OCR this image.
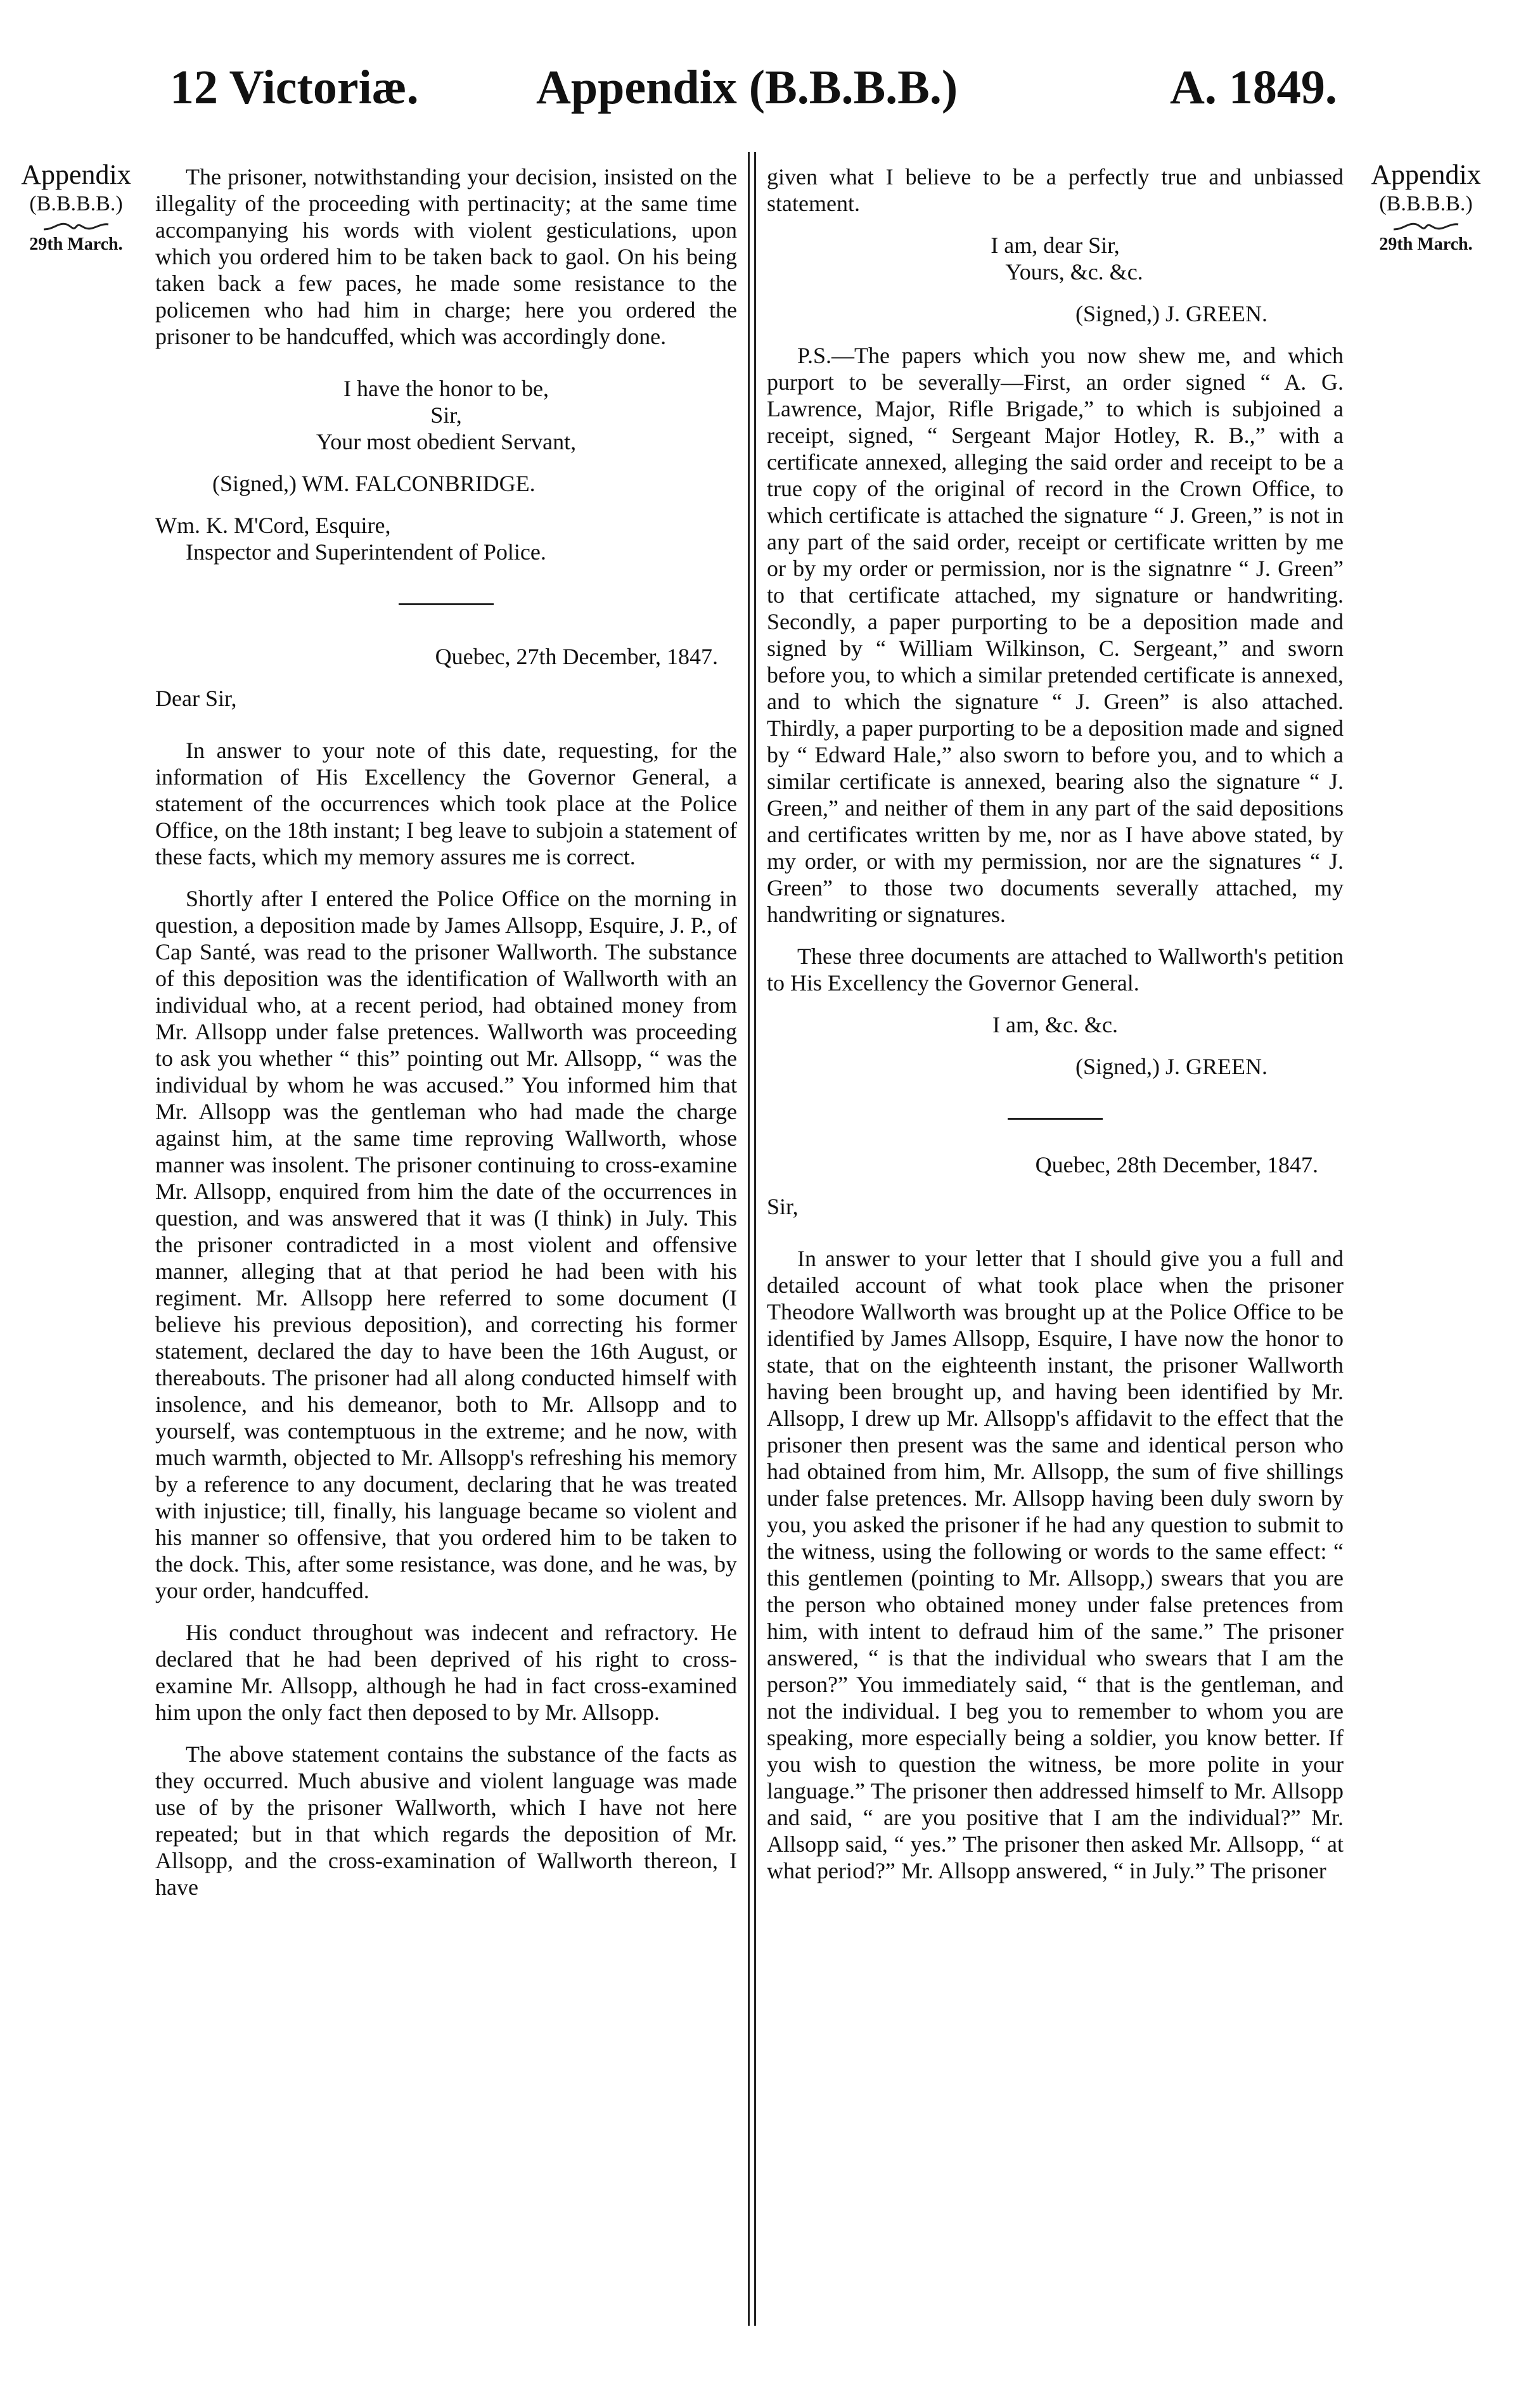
12 Victoriæ. Appendix (B.B.B.B.)	A. 1849.
Appendix
(B.B.B.B.)
29th March.
Appendix
(B.B.B.B.)
29th March.

The prisoner, notwithstanding your decision, insisted on the illegality of the proceeding with pertinacity; at the same time accompanying his words with violent gesticulations, upon which you ordered him to be taken back to gaol. On his being taken back a few paces, he made some resistance to the policemen who had him in charge; here you ordered the prisoner to be handcuffed, which was accordingly done.

I have the honor to be,
Sir,
Your most obedient Servant,
(Signed,) WM. FALCONBRIDGE.
Wm. K. M'Cord, Esquire,
Inspector and Superintendent of Police.
Quebec, 27th December, 1847.
Dear Sir,

In answer to your note of this date, requesting, for the information of His Excellency the Governor General, a statement of the occurrences which took place at the Police Office, on the 18th instant; I beg leave to subjoin a statement of these facts, which my memory assures me is correct.

Shortly after I entered the Police Office on the morning in question, a deposition made by James Allsopp, Esquire, J. P., of Cap Santé, was read to the prisoner Wallworth. The substance of this deposition was the identification of Wallworth with an individual who, at a recent period, had obtained money from Mr. Allsopp under false pretences. Wallworth was proceeding to ask you whether “ this” pointing out Mr. Allsopp, “ was the individual by whom he was accused.” You informed him that Mr. Allsopp was the gentleman who had made the charge against him, at the same time reproving Wallworth, whose manner was insolent. The prisoner continuing to cross-examine Mr. Allsopp, enquired from him the date of the occurrences in question, and was answered that it was (I think) in July. This the prisoner contradicted in a most violent and offensive manner, alleging that at that period he had been with his regiment. Mr. Allsopp here referred to some document (I believe his previous deposition), and correcting his former statement, declared the day to have been the 16th August, or thereabouts. The prisoner had all along conducted himself with insolence, and his demeanor, both to Mr. Allsopp and to yourself, was contemptuous in the extreme; and he now, with much warmth, objected to Mr. Allsopp's refreshing his memory by a reference to any document, declaring that he was treated with injustice; till, finally, his language became so violent and his manner so offensive, that you ordered him to be taken to the dock. This, after some resistance, was done, and he was, by your order, handcuffed.

His conduct throughout was indecent and refractory. He declared that he had been deprived of his right to cross-examine Mr. Allsopp, although he had in fact cross-examined him upon the only fact then deposed to by Mr. Allsopp.

The above statement contains the substance of the facts as they occurred. Much abusive and violent language was made use of by the prisoner Wallworth, which I have not here repeated; but in that which regards the deposition of Mr. Allsopp, and the cross-examination of Wallworth thereon, I have

given what I believe to be a perfectly true and unbiassed statement.

I am, dear Sir,
Yours, &c. &c.
(Signed,) J. GREEN.

P.S.—The papers which you now shew me, and which purport to be severally—First, an order signed “ A. G. Lawrence, Major, Rifle Brigade,” to which is subjoined a receipt, signed, “ Sergeant Major Hotley, R. B.,” with a certificate annexed, alleging the said order and receipt to be a true copy of the original of record in the Crown Office, to which certificate is attached the signature “ J. Green,” is not in any part of the said order, receipt or certificate written by me or by my order or permission, nor is the signatnre “ J. Green” to that certificate attached, my signature or handwriting. Secondly, a paper purporting to be a deposition made and signed by “ William Wilkinson, C. Sergeant,” and sworn before you, to which a similar pretended certificate is annexed, and to which the signature “ J. Green” is also attached. Thirdly, a paper purporting to be a deposition made and signed by “ Edward Hale,” also sworn to before you, and to which a similar certificate is annexed, bearing also the signature “ J. Green,” and neither of them in any part of the said depositions and certificates written by me, nor as I have above stated, by my order, or with my permission, nor are the signatures “ J. Green” to those two documents severally attached, my handwriting or signatures.

These three documents are attached to Wallworth's petition to His Excellency the Governor General.

I am, &c. &c.
(Signed,) J. GREEN.
Quebec, 28th December, 1847.
Sir,

In answer to your letter that I should give you a full and detailed account of what took place when the prisoner Theodore Wallworth was brought up at the Police Office to be identified by James Allsopp, Esquire, I have now the honor to state, that on the eighteenth instant, the prisoner Wallworth having been brought up, and having been identified by Mr. Allsopp, I drew up Mr. Allsopp's affidavit to the effect that the prisoner then present was the same and identical person who had obtained from him, Mr. Allsopp, the sum of five shillings under false pretences. Mr. Allsopp having been duly sworn by you, you asked the prisoner if he had any question to submit to the witness, using the following or words to the same effect: “ this gentlemen (pointing to Mr. Allsopp,) swears that you are the person who obtained money under false pretences from him, with intent to defraud him of the same.” The prisoner answered, “ is that the individual who swears that I am the person?” You immediately said, “ that is the gentleman, and not the individual. I beg you to remember to whom you are speaking, more especially being a soldier, you know better. If you wish to question the witness, be more polite in your language.” The prisoner then addressed himself to Mr. Allsopp and said, “ are you positive that I am the individual?” Mr. Allsopp said, “ yes.” The prisoner then asked Mr. Allsopp, “ at what period?” Mr. Allsopp answered, “ in July.” The prisoner
